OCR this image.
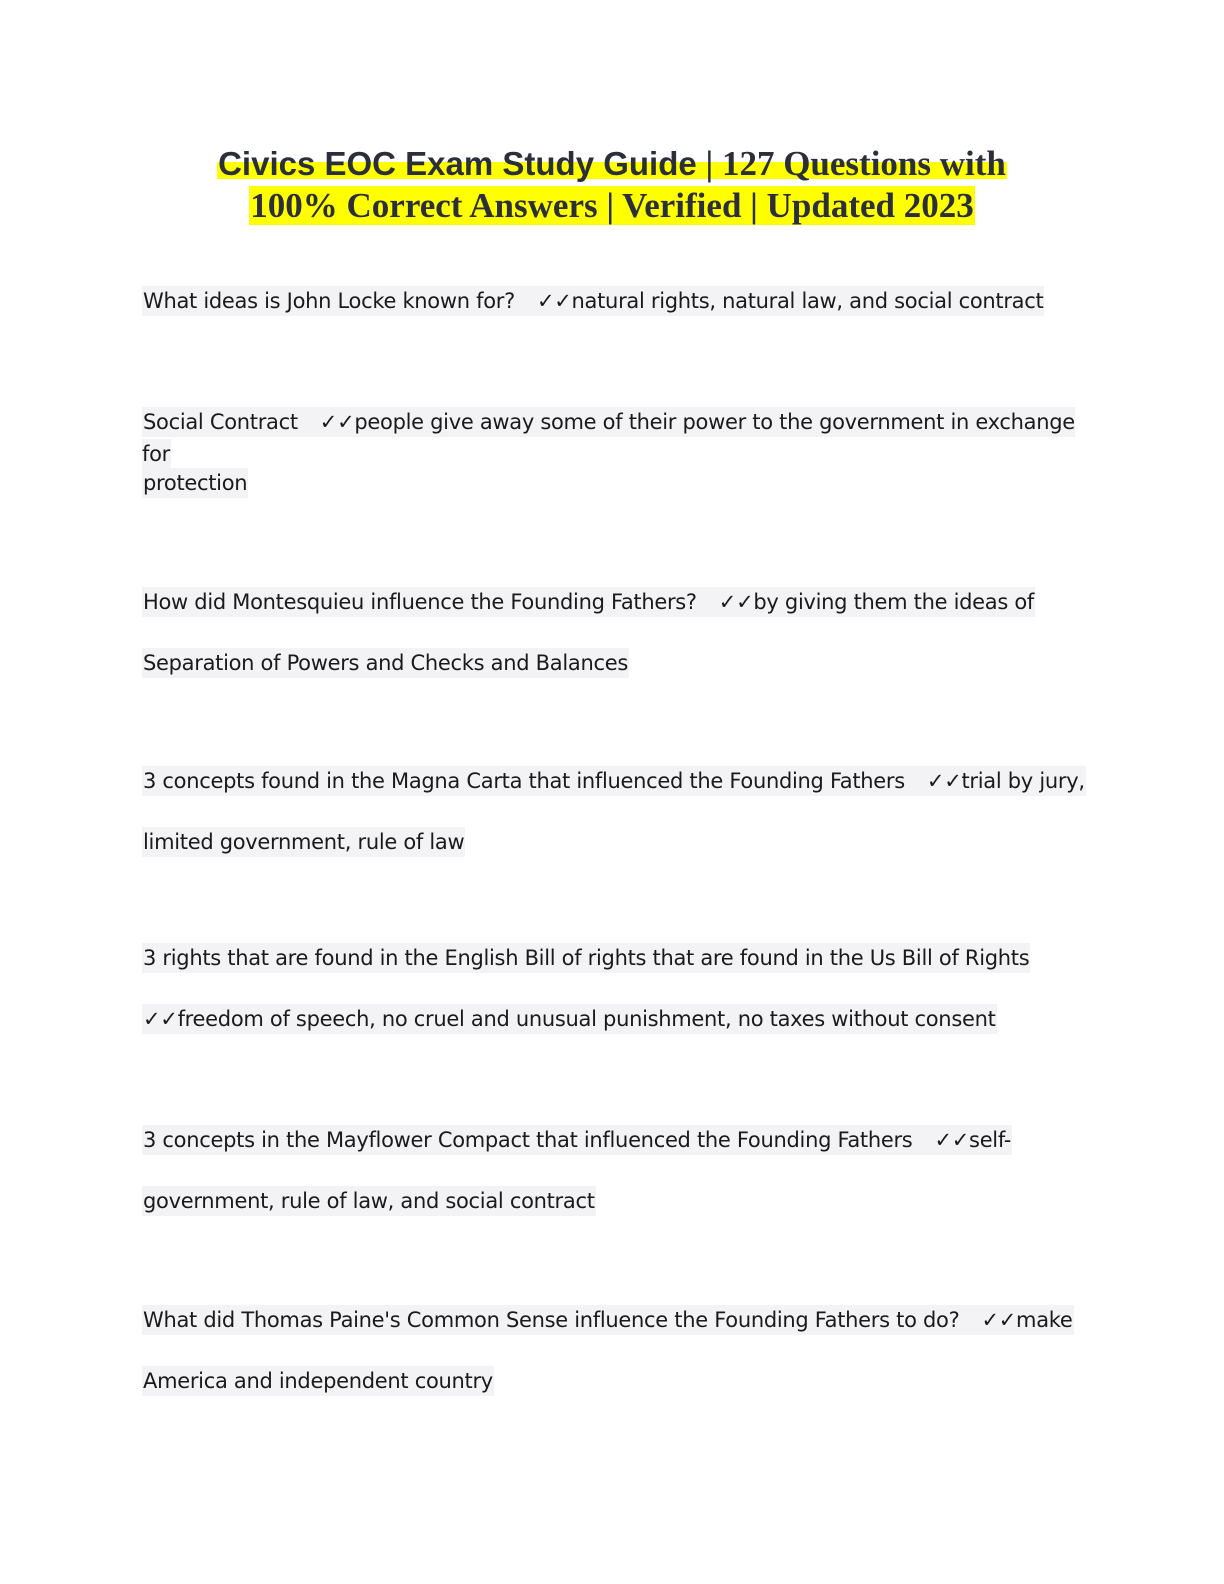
Civics EOC Exam Study Guide | 127 Questions with
100% Correct Answers | Verified | Updated 2023
What ideas is John Locke known for? ✓✓natural rights, natural law, and social contract
Social Contract ✓✓people give away some of their power to the government in exchange for
protection
How did Montesquieu influence the Founding Fathers? ✓✓by giving them the ideas of
Separation of Powers and Checks and Balances
3 concepts found in the Magna Carta that influenced the Founding Fathers ✓✓trial by jury,
limited government, rule of law
3 rights that are found in the English Bill of rights that are found in the Us Bill of Rights
✓✓freedom of speech, no cruel and unusual punishment, no taxes without consent
3 concepts in the Mayflower Compact that influenced the Founding Fathers ✓✓self-
government, rule of law, and social contract
What did Thomas Paine's Common Sense influence the Founding Fathers to do? ✓✓make
America and independent country
